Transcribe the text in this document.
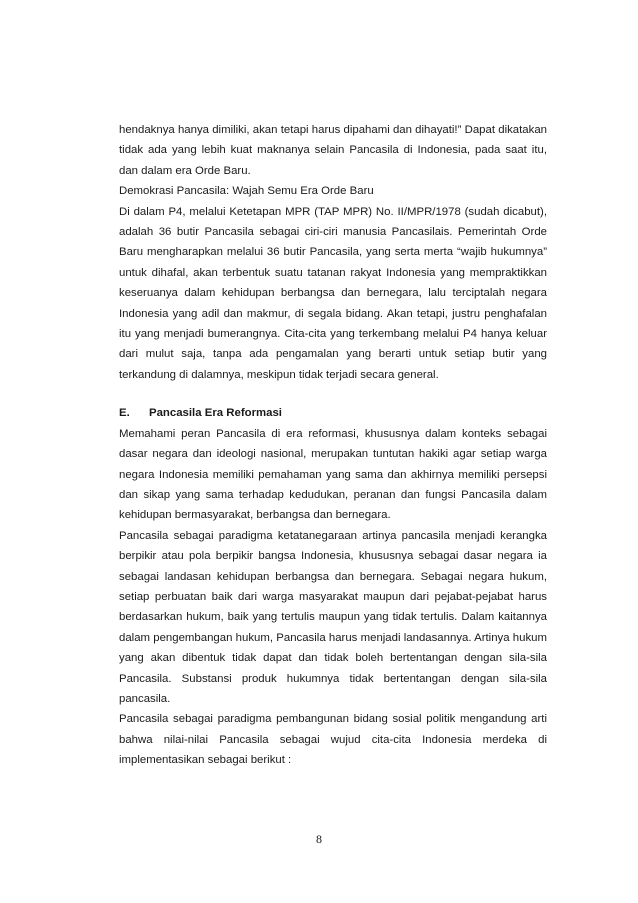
hendaknya hanya dimiliki, akan tetapi harus dipahami dan dihayati!” Dapat dikatakan tidak ada yang lebih kuat maknanya selain Pancasila di Indonesia, pada saat itu, dan dalam era Orde Baru.

Demokrasi Pancasila: Wajah Semu Era Orde Baru

Di dalam P4, melalui Ketetapan MPR (TAP MPR) No. II/MPR/1978 (sudah dicabut), adalah 36 butir Pancasila sebagai ciri-ciri manusia Pancasilais. Pemerintah Orde Baru mengharapkan melalui 36 butir Pancasila, yang serta merta “wajib hukumnya” untuk dihafal, akan terbentuk suatu tatanan rakyat Indonesia yang mempraktikkan keseruanya dalam kehidupan berbangsa dan bernegara, lalu terciptalah negara Indonesia yang adil dan makmur, di segala bidang. Akan tetapi, justru penghafalan itu yang menjadi bumerangnya. Cita-cita yang terkembang melalui P4 hanya keluar dari mulut saja, tanpa ada pengamalan yang berarti untuk setiap butir yang terkandung di dalamnya, meskipun tidak terjadi secara general.

E.	Pancasila Era Reformasi

Memahami peran Pancasila di era reformasi, khususnya dalam konteks sebagai dasar negara dan ideologi nasional, merupakan tuntutan hakiki agar setiap warga negara Indonesia memiliki pemahaman yang sama dan akhirnya memiliki persepsi dan sikap yang sama terhadap kedudukan, peranan dan fungsi Pancasila dalam kehidupan bermasyarakat, berbangsa dan bernegara.

Pancasila sebagai paradigma ketatanegaraan artinya pancasila menjadi kerangka berpikir atau pola berpikir bangsa Indonesia, khususnya sebagai dasar negara ia sebagai landasan kehidupan berbangsa dan bernegara. Sebagai negara hukum, setiap perbuatan baik dari warga masyarakat maupun dari pejabat-pejabat harus berdasarkan hukum, baik yang tertulis maupun yang tidak tertulis. Dalam kaitannya dalam pengembangan hukum, Pancasila harus menjadi landasannya. Artinya hukum yang akan dibentuk tidak dapat dan tidak boleh bertentangan dengan sila-sila Pancasila. Substansi produk hukumnya tidak bertentangan dengan sila-sila pancasila.

Pancasila sebagai paradigma pembangunan bidang sosial politik mengandung arti bahwa nilai-nilai Pancasila sebagai wujud cita-cita Indonesia merdeka di implementasikan sebagai berikut :

8
